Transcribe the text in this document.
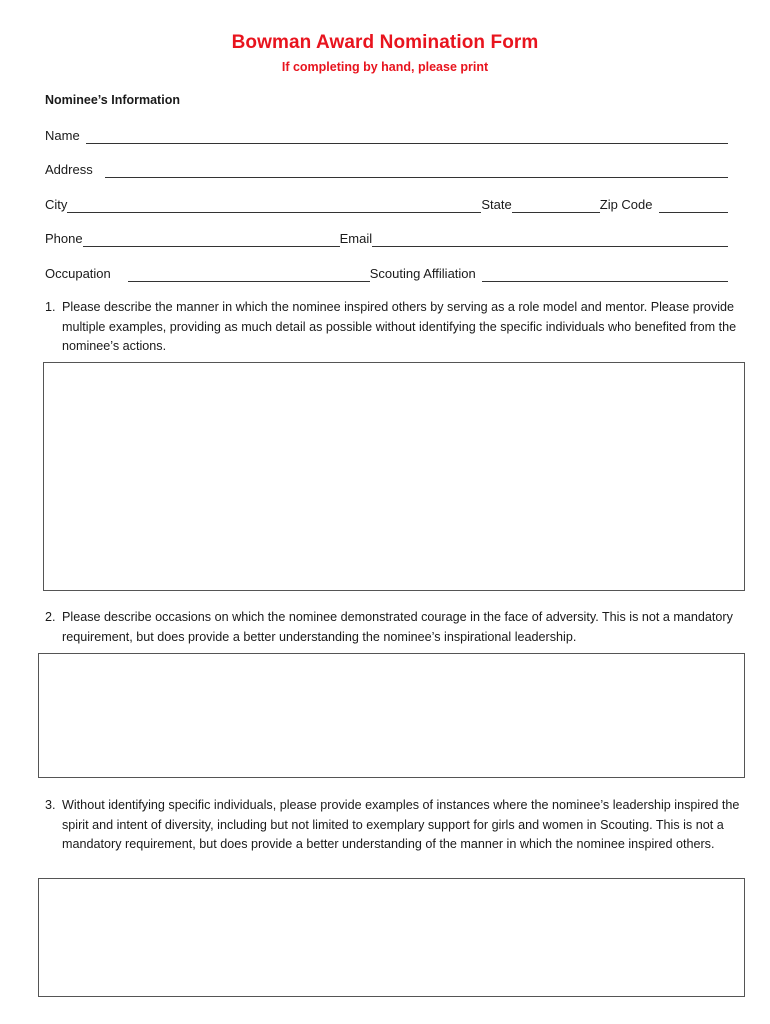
Bowman Award Nomination Form
If completing by hand, please print
Nominee’s Information
Name
Address
City	State	Zip Code
Phone	Email
Occupation	Scouting Affiliation
1. Please describe the manner in which the nominee inspired others by serving as a role model and mentor. Please provide multiple examples, providing as much detail as possible without identifying the specific individuals who benefited from the nominee’s actions.
2. Please describe occasions on which the nominee demonstrated courage in the face of adversity. This is not a mandatory requirement, but does provide a better understanding the nominee’s inspirational leadership.
3. Without identifying specific individuals, please provide examples of instances where the nominee’s leadership inspired the spirit and intent of diversity, including but not limited to exemplary support for girls and women in Scouting. This is not a mandatory requirement, but does provide a better understanding of the manner in which the nominee inspired others.
